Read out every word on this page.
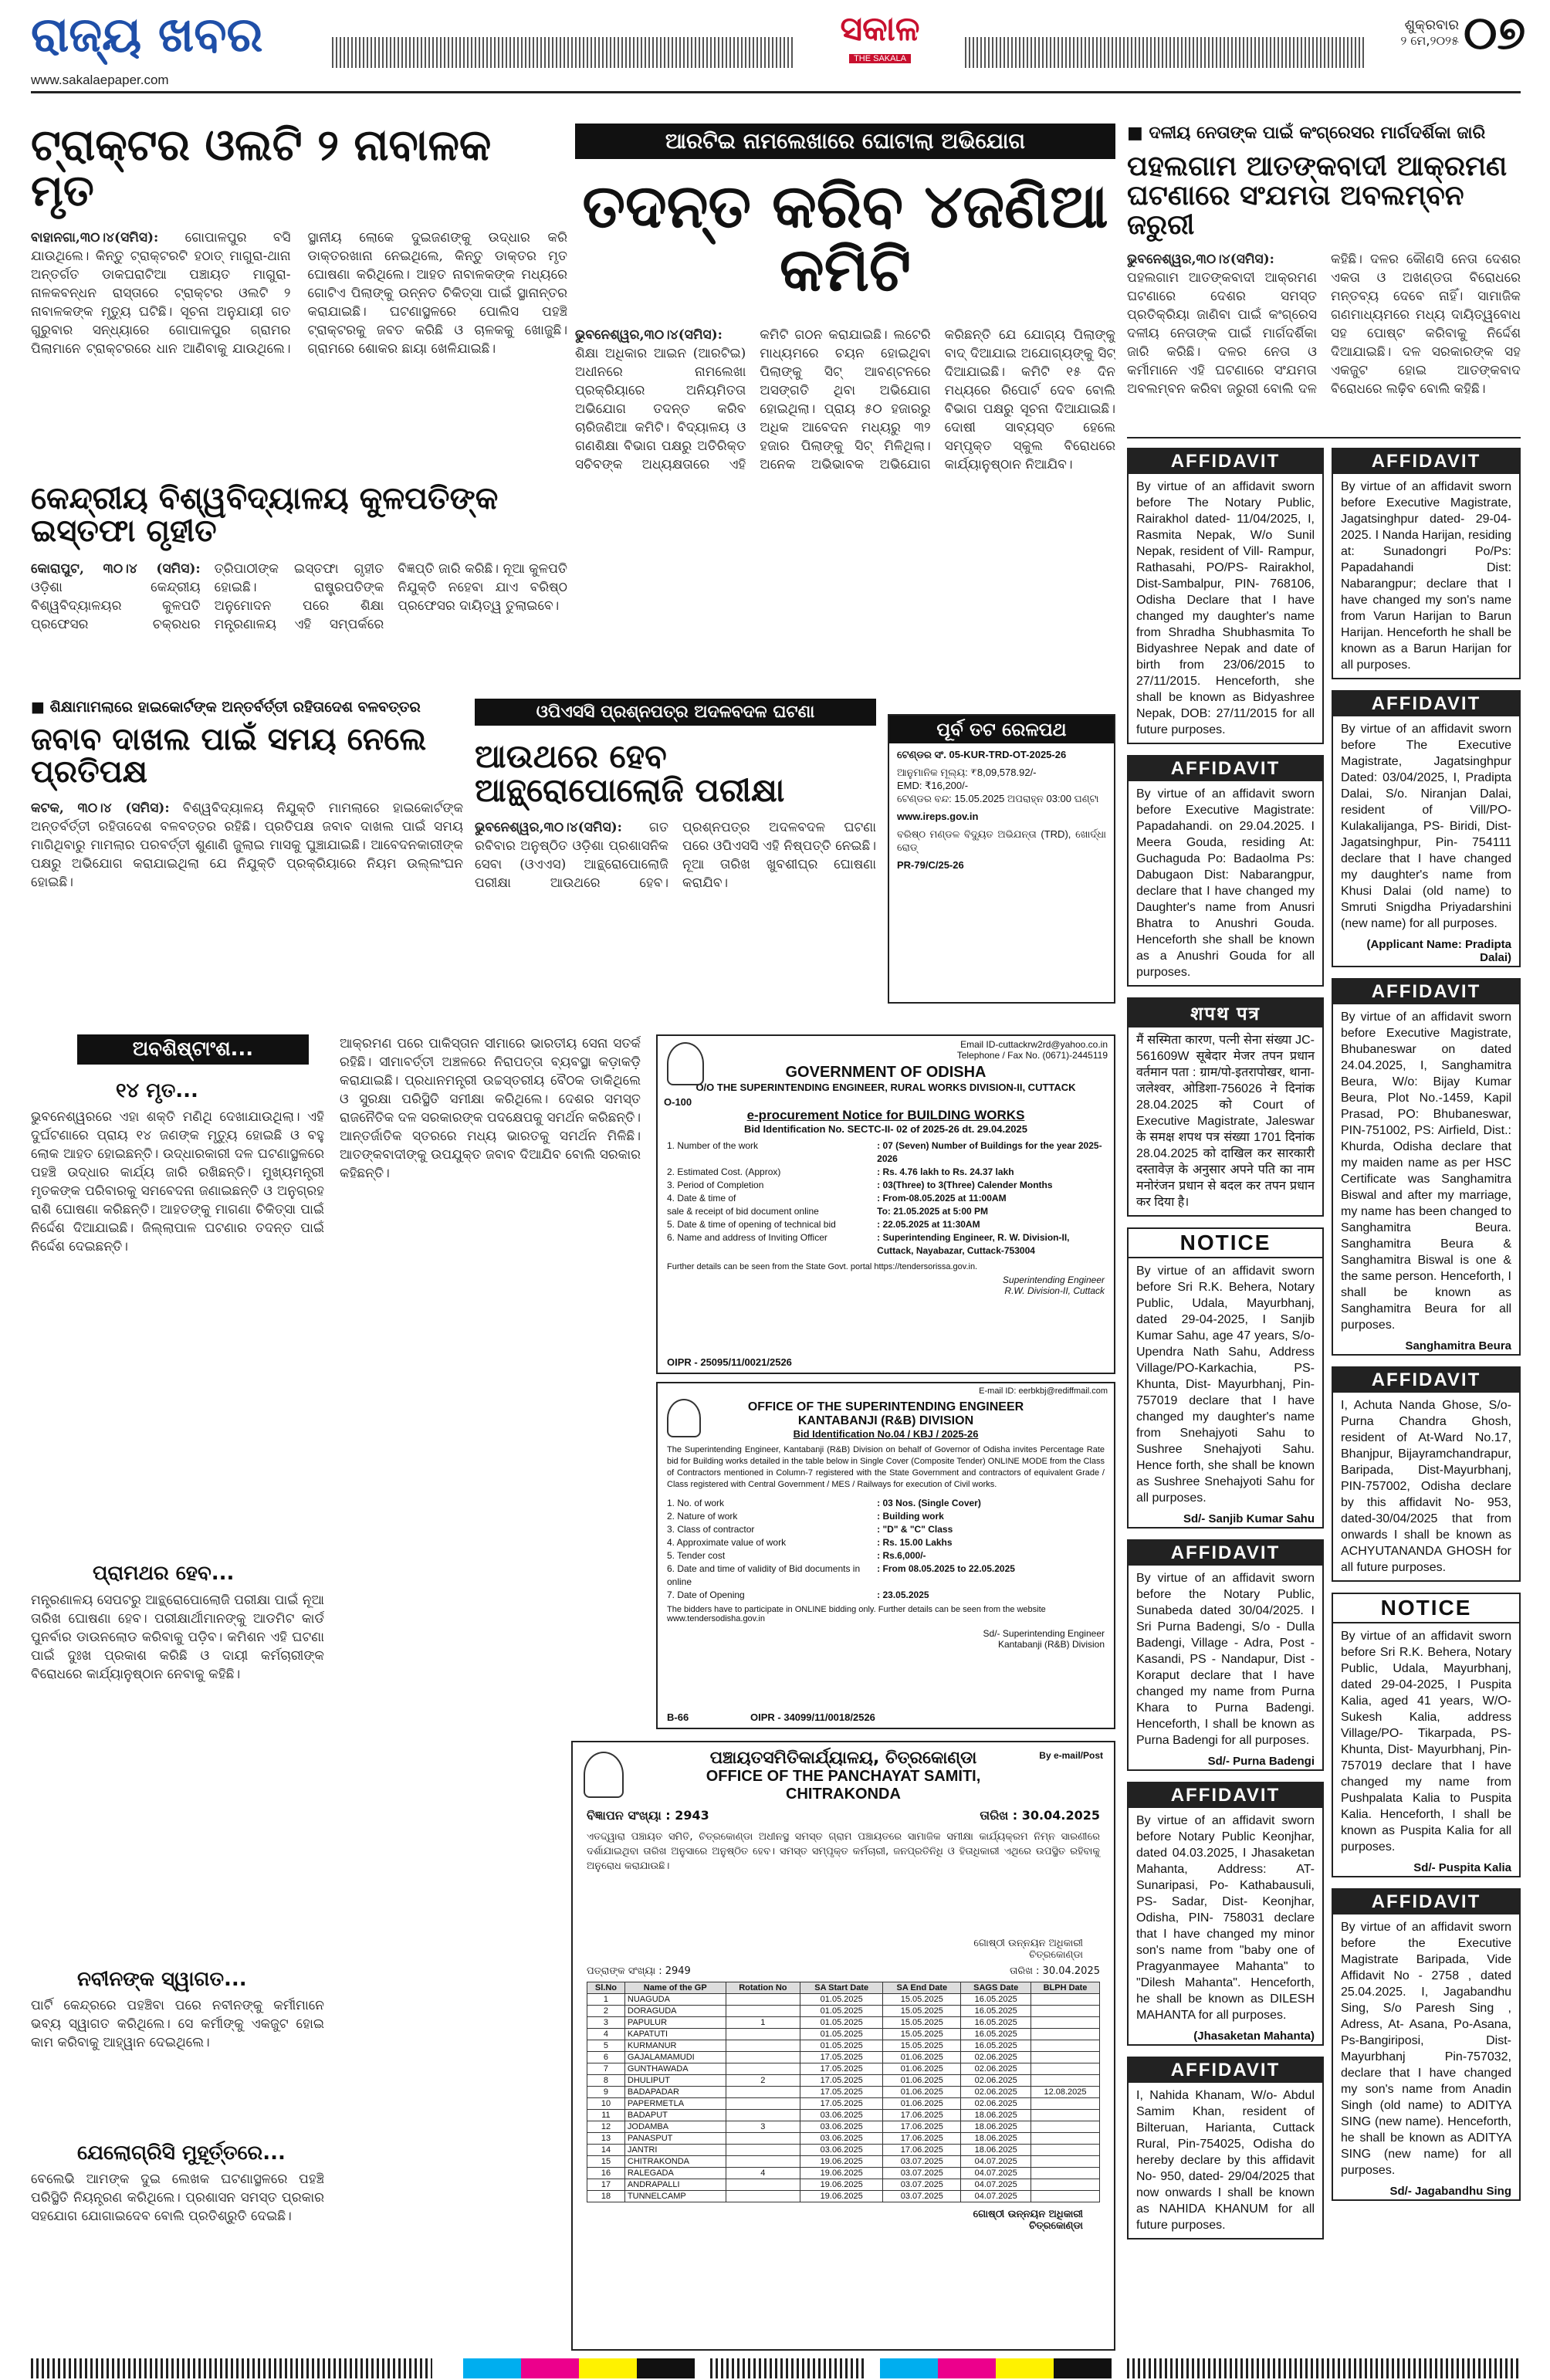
ରାଜ୍ୟ ଖବର
www.sakalaepaper.com
ସକାଳ
THE SAKALA
ଶୁକ୍ରବାର
୨ ମେ,୨୦୨୫ ୦୭
ଟ୍ରାକ୍ଟର ଓଲଟି ୨ ନାବାଳକ ମୃତ
ବାହାନଗା,୩୦।୪(ସମିସ): ଗୋପାଳପୁର ବସି ଯାଉଥିଲେ। କିନ୍ତୁ ଟ୍ରାକ୍ଟରଟି ହଠାତ୍ ମାଗୁରା-ଥାନା ଅନ୍ତର୍ଗତ ଡାକଘରାଟିଆ ପଞ୍ଚାୟତ ମାଗୁରା-ନାଳକବନ୍ଧନ ରାସ୍ତାରେ ଟ୍ରାକ୍ଟର ଓଲଟି ୨ ନାବାଳକଙ୍କ ମୃତ୍ୟୁ ଘଟିଛି। ସୂଚନା ଅନୁଯାୟୀ ଗତ ଗୁରୁବାର ସନ୍ଧ୍ୟାରେ ଗୋପାଳପୁର ଗ୍ରାମର ପିଲାମାନେ ଟ୍ରାକ୍ଟରରେ ଧାନ ଆଣିବାକୁ ଯାଉଥିଲେ। ସ୍ଥାନୀୟ ଲୋକେ ଦୁଇଜଣଙ୍କୁ ଉଦ୍ଧାର କରି ଡାକ୍ତରଖାନା ନେଇଥିଲେ, କିନ୍ତୁ ଡାକ୍ତର ମୃତ ଘୋଷଣା କରିଥିଲେ। ଆହତ ନାବାଳକଙ୍କ ମଧ୍ୟରେ ଗୋଟିଏ ପିଲାଙ୍କୁ ଉନ୍ନତ ଚିକିତ୍ସା ପାଇଁ ସ୍ଥାନାନ୍ତର କରାଯାଇଛି। ଘଟଣାସ୍ଥଳରେ ପୋଲିସ ପହଞ୍ଚି ଟ୍ରାକ୍ଟରକୁ ଜବତ କରିଛି ଓ ଚାଳକକୁ ଖୋଜୁଛି। ଗ୍ରାମରେ ଶୋକର ଛାୟା ଖେଳିଯାଇଛି।
କେନ୍ଦ୍ରୀୟ ବିଶ୍ୱବିଦ୍ୟାଳୟ କୁଳପତିଙ୍କ ଇସ୍ତଫା ଗୃହୀତ
କୋରାପୁଟ, ୩୦।୪ (ସମିସ): ଓଡ଼ିଶା କେନ୍ଦ୍ରୀୟ ବିଶ୍ୱବିଦ୍ୟାଳୟର କୁଳପତି ପ୍ରଫେସର ଚକ୍ରଧର ତ୍ରିପାଠୀଙ୍କ ଇସ୍ତଫା ଗୃହୀତ ହୋଇଛି। ରାଷ୍ଟ୍ରପତିଙ୍କ ଅନୁମୋଦନ ପରେ ଶିକ୍ଷା ମନ୍ତ୍ରଣାଳୟ ଏହି ସମ୍ପର୍କରେ ବିଜ୍ଞପ୍ତି ଜାରି କରିଛି। ନୂଆ କୁଳପତି ନିଯୁକ୍ତି ନହେବା ଯାଏ ବରିଷ୍ଠ ପ୍ରଫେସର ଦାୟିତ୍ୱ ତୁଲାଇବେ।
ଆରଟିଇ ନାମଲେଖାରେ ଘୋଟାଲା ଅଭିଯୋଗ
ତଦନ୍ତ କରିବ ୪ଜଣିଆ କମିଟି
ଭୁବନେଶ୍ୱର,୩୦।୪(ସମିସ): ଶିକ୍ଷା ଅଧିକାର ଆଇନ (ଆରଟିଇ) ଅଧୀନରେ ନାମଲେଖା ପ୍ରକ୍ରିୟାରେ ଅନିୟମିତତା ଅଭିଯୋଗ ତଦନ୍ତ କରିବ ଚାରିଜଣିଆ କମିଟି। ବିଦ୍ୟାଳୟ ଓ ଗଣଶିକ୍ଷା ବିଭାଗ ପକ୍ଷରୁ ଅତିରିକ୍ତ ସଚିବଙ୍କ ଅଧ୍ୟକ୍ଷତାରେ ଏହି କମିଟି ଗଠନ କରାଯାଇଛି। ଲଟେରି ମାଧ୍ୟମରେ ଚୟନ ହୋଇଥିବା ପିଲାଙ୍କୁ ସିଟ୍ ଆବଣ୍ଟନରେ ଅସଙ୍ଗତି ଥିବା ଅଭିଯୋଗ ହୋଇଥିଲା। ପ୍ରାୟ ୫୦ ହଜାରରୁ ଅଧିକ ଆବେଦନ ମଧ୍ୟରୁ ୩୨ ହଜାର ପିଲାଙ୍କୁ ସିଟ୍ ମିଳିଥିଲା। ଅନେକ ଅଭିଭାବକ ଅଭିଯୋଗ କରିଛନ୍ତି ଯେ ଯୋଗ୍ୟ ପିଲାଙ୍କୁ ବାଦ୍ ଦିଆଯାଇ ଅଯୋଗ୍ୟଙ୍କୁ ସିଟ୍ ଦିଆଯାଇଛି। କମିଟି ୧୫ ଦିନ ମଧ୍ୟରେ ରିପୋର୍ଟ ଦେବ ବୋଲି ବିଭାଗ ପକ୍ଷରୁ ସୂଚନା ଦିଆଯାଇଛି। ଦୋଷୀ ସାବ୍ୟସ୍ତ ହେଲେ ସମ୍ପୃକ୍ତ ସ୍କୁଲ ବିରୋଧରେ କାର୍ଯ୍ୟାନୁଷ୍ଠାନ ନିଆଯିବ।
■ ଦଳୀୟ ନେତାଙ୍କ ପାଇଁ କଂଗ୍ରେସର ମାର୍ଗଦର୍ଶିକା ଜାରି
ପହଲଗାମ ଆତଙ୍କବାଦୀ ଆକ୍ରମଣ ଘଟଣାରେ ସଂଯମତା ଅବଲମ୍ବନ ଜରୁରୀ
ଭୁବନେଶ୍ୱର,୩୦।୪(ସମିସ): ପହଲଗାମ ଆତଙ୍କବାଦୀ ଆକ୍ରମଣ ଘଟଣାରେ ଦେଶର ସମସ୍ତ ପ୍ରତିକ୍ରିୟା ଜାଣିବା ପାଇଁ କଂଗ୍ରେସ ଦଳୀୟ ନେତାଙ୍କ ପାଇଁ ମାର୍ଗଦର୍ଶିକା ଜାରି କରିଛି। ଦଳର ନେତା ଓ କର୍ମୀମାନେ ଏହି ଘଟଣାରେ ସଂଯମତା ଅବଲମ୍ବନ କରିବା ଜରୁରୀ ବୋଲି ଦଳ କହିଛି। ଦଳର କୌଣସି ନେତା ଦେଶର ଏକତା ଓ ଅଖଣ୍ଡତା ବିରୋଧରେ ମନ୍ତବ୍ୟ ଦେବେ ନାହିଁ। ସାମାଜିକ ଗଣମାଧ୍ୟମରେ ମଧ୍ୟ ଦାୟିତ୍ୱବୋଧ ସହ ପୋଷ୍ଟ କରିବାକୁ ନିର୍ଦ୍ଦେଶ ଦିଆଯାଇଛି। ଦଳ ସରକାରଙ୍କ ସହ ଏକଜୁଟ ହୋଇ ଆତଙ୍କବାଦ ବିରୋଧରେ ଲଢ଼ିବ ବୋଲି କହିଛି।
■ ଶିକ୍ଷାମାମଲାରେ ହାଇକୋର୍ଟଙ୍କ ଅନ୍ତର୍ବର୍ତ୍ତୀ ରହିତାଦେଶ ବଳବତ୍ତର
ଜବାବ ଦାଖଲ ପାଇଁ ସମୟ ନେଲେ ପ୍ରତିପକ୍ଷ
କଟକ, ୩୦।୪ (ସମିସ): ବିଶ୍ୱବିଦ୍ୟାଳୟ ନିଯୁକ୍ତି ମାମଲାରେ ହାଇକୋର୍ଟଙ୍କ ଅନ୍ତର୍ବର୍ତ୍ତୀ ରହିତାଦେଶ ବଳବତ୍ତର ରହିଛି। ପ୍ରତିପକ୍ଷ ଜବାବ ଦାଖଲ ପାଇଁ ସମୟ ମାଗିଥିବାରୁ ମାମଲାର ପରବର୍ତ୍ତୀ ଶୁଣାଣି ଜୁଲାଇ ମାସକୁ ଘୁଞ୍ଚାଯାଇଛି। ଆବେଦନକାରୀଙ୍କ ପକ୍ଷରୁ ଅଭିଯୋଗ କରାଯାଇଥିଲା ଯେ ନିଯୁକ୍ତି ପ୍ରକ୍ରିୟାରେ ନିୟମ ଉଲ୍ଲଂଘନ ହୋଇଛି।
ଓପିଏସସି ପ୍ରଶ୍ନପତ୍ର ଅଦଳବଦଳ ଘଟଣା
ଆଉଥରେ ହେବ ଆନ୍ଥ୍ରୋପୋଲୋଜି ପରୀକ୍ଷା
ଭୁବନେଶ୍ୱର,୩୦।୪(ସମିସ): ଗତ ରବିବାର ଅନୁଷ୍ଠିତ ଓଡ଼ିଶା ପ୍ରଶାସନିକ ସେବା (ଓଏଏସ) ଆନ୍ଥ୍ରୋପୋଲୋଜି ପରୀକ୍ଷା ଆଉଥରେ ହେବ। ପ୍ରଶ୍ନପତ୍ର ଅଦଳବଦଳ ଘଟଣା ପରେ ଓପିଏସସି ଏହି ନିଷ୍ପତ୍ତି ନେଇଛି। ନୂଆ ତାରିଖ ଖୁବଶୀଘ୍ର ଘୋଷଣା କରାଯିବ।
ପୂର୍ବ ତଟ ରେଳପଥ
ଟେଣ୍ଡର ସଂ. 05-KUR-TRD-OT-2025-26
ଆନୁମାନିକ ମୂଲ୍ୟ: ₹8,09,578.92/-
EMD: ₹16,200/-
ଟେଣ୍ଡର ବନ୍ଦ: 15.05.2025 ଅପରାହ୍ନ 03:00 ଘଣ୍ଟା
www.ireps.gov.in
ବରିଷ୍ଠ ମଣ୍ଡଳ ବିଦ୍ୟୁତ ଅଭିଯନ୍ତା (TRD), ଖୋର୍ଦ୍ଧା ରୋଡ୍
PR-79/C/25-26
ଅବଶିଷ୍ଟାଂଶ...
୧୪ ମୃତ...
ଭୁବନେଶ୍ୱରରେ ଏହା ଶକ୍ତି ମଣିଥି ଦେଖାଯାଉଥିଲା। ଏହି ଦୁର୍ଘଟଣାରେ ପ୍ରାୟ ୧୪ ଜଣଙ୍କ ମୃତ୍ୟୁ ହୋଇଛି ଓ ବହୁ ଲୋକ ଆହତ ହୋଇଛନ୍ତି। ଉଦ୍ଧାରକାରୀ ଦଳ ଘଟଣାସ୍ଥଳରେ ପହଞ୍ଚି ଉଦ୍ଧାର କାର୍ଯ୍ୟ ଜାରି ରଖିଛନ୍ତି। ମୁଖ୍ୟମନ୍ତ୍ରୀ ମୃତକଙ୍କ ପରିବାରକୁ ସମବେଦନା ଜଣାଇଛନ୍ତି ଓ ଅନୁଗ୍ରହ ରାଶି ଘୋଷଣା କରିଛନ୍ତି। ଆହତଙ୍କୁ ମାଗଣା ଚିକିତ୍ସା ପାଇଁ ନିର୍ଦ୍ଦେଶ ଦିଆଯାଇଛି। ଜିଲ୍ଲାପାଳ ଘଟଣାର ତଦନ୍ତ ପାଇଁ ନିର୍ଦ୍ଦେଶ ଦେଇଛନ୍ତି।
ପ୍ରାମଥର ହେବ...
ମନ୍ତ୍ରଣାଳୟ ସେପଟରୁ ଆନ୍ଥ୍ରୋପୋଲୋଜି ପରୀକ୍ଷା ପାଇଁ ନୂଆ ତାରିଖ ଘୋଷଣା ହେବ। ପରୀକ୍ଷାର୍ଥୀମାନଙ୍କୁ ଆଡମିଟ କାର୍ଡ ପୁନର୍ବାର ଡାଉନଲୋଡ କରିବାକୁ ପଡ଼ିବ। କମିଶନ ଏହି ଘଟଣା ପାଇଁ ଦୁଃଖ ପ୍ରକାଶ କରିଛି ଓ ଦାୟୀ କର୍ମଚାରୀଙ୍କ ବିରୋଧରେ କାର୍ଯ୍ୟାନୁଷ୍ଠାନ ନେବାକୁ କହିଛି।
ନବୀନଙ୍କ ସ୍ୱାଗତ...
ପାର୍ଟି କେନ୍ଦ୍ରରେ ପହଞ୍ଚିବା ପରେ ନବୀନଙ୍କୁ କର୍ମୀମାନେ ଭବ୍ୟ ସ୍ୱାଗତ କରିଥିଲେ। ସେ କର୍ମୀଙ୍କୁ ଏକଜୁଟ ହୋଇ କାମ କରିବାକୁ ଆହ୍ୱାନ ଦେଇଥିଲେ।
ଯେଲୋଗ୍ରିସି ମୁହୂର୍ତ୍ତରେ...
ବେଲେଭି ଆମଙ୍କ ଦୁଇ ଲେଖକ ଘଟଣାସ୍ଥଳରେ ପହଞ୍ଚି ପରିସ୍ଥିତି ନିୟନ୍ତ୍ରଣ କରିଥିଲେ। ପ୍ରଶାସନ ସମସ୍ତ ପ୍ରକାର ସହଯୋଗ ଯୋଗାଇଦେବ ବୋଲି ପ୍ରତିଶ୍ରୁତି ଦେଇଛି।
ଆକ୍ରମଣ ପରେ ପାକିସ୍ତାନ ସୀମାରେ ଭାରତୀୟ ସେନା ସତର୍କ ରହିଛି। ସୀମାବର୍ତ୍ତୀ ଅଞ୍ଚଳରେ ନିରାପତ୍ତା ବ୍ୟବସ୍ଥା କଡ଼ାକଡ଼ି କରାଯାଇଛି। ପ୍ରଧାନମନ୍ତ୍ରୀ ଉଚ୍ଚସ୍ତରୀୟ ବୈଠକ ଡାକିଥିଲେ ଓ ସୁରକ୍ଷା ପରିସ୍ଥିତି ସମୀକ୍ଷା କରିଥିଲେ। ଦେଶର ସମସ୍ତ ରାଜନୈତିକ ଦଳ ସରକାରଙ୍କ ପଦକ୍ଷେପକୁ ସମର୍ଥନ କରିଛନ୍ତି। ଆନ୍ତର୍ଜାତିକ ସ୍ତରରେ ମଧ୍ୟ ଭାରତକୁ ସମର୍ଥନ ମିଳିଛି। ଆତଙ୍କବାଦୀଙ୍କୁ ଉପଯୁକ୍ତ ଜବାବ ଦିଆଯିବ ବୋଲି ସରକାର କହିଛନ୍ତି।
Email ID-cuttackrw2rd@yahoo.co.in
Telephone / Fax No. (0671)-2445119
GOVERNMENT OF ODISHA
O/O THE SUPERINTENDING ENGINEER, RURAL WORKS DIVISION-II, CUTTACK
O-100
e-procurement Notice for BUILDING WORKS
Bid Identification No. SECTC-II- 02 of 2025-26 dt. 29.04.2025
1. Number of the work	: 07 (Seven) Number of Buildings for the year 2025-2026
2. Estimated Cost. (Approx)	: Rs. 4.76 lakh to Rs. 24.37 lakh
3. Period of Completion	: 03(Three) to 3(Three) Calender Months
4. Date & time of	: From-08.05.2025 at 11:00AM
sale & receipt of bid document online	To: 21.05.2025 at 5:00 PM
5. Date & time of opening of technical bid	: 22.05.2025 at 11:30AM
6. Name and address of Inviting Officer	: Superintending Engineer, R. W. Division-II, Cuttack, Nayabazar, Cuttack-753004
Further details can be seen from the State Govt. portal https://tendersorissa.gov.in.
Superintending Engineer
R.W. Division-II, Cuttack
OIPR - 25095/11/0021/2526
E-mail ID: eerbkbj@rediffmail.com
OFFICE OF THE SUPERINTENDING ENGINEER
KANTABANJI (R&B) DIVISION
Bid Identification No.04 / KBJ / 2025-26
The Superintending Engineer, Kantabanji (R&B) Division on behalf of Governor of Odisha invites Percentage Rate bid for Building works detailed in the table below in Single Cover (Composite Tender) ONLINE MODE from the Class of Contractors mentioned in Column-7 registered with the State Government and contractors of equivalent Grade / Class registered with Central Government / MES / Railways for execution of Civil works.
1. No. of work	: 03 Nos. (Single Cover)
2. Nature of work	: Building work
3. Class of contractor	: "D" & "C" Class
4. Approximate value of work	: Rs. 15.00 Lakhs
5. Tender cost	: Rs.6,000/-
6. Date and time of validity of Bid documents in online
: From 08.05.2025 to 22.05.2025
7. Date of Opening	: 23.05.2025
The bidders have to participate in ONLINE bidding only. Further details can be seen from the website www.tendersodisha.gov.in
Sd/- Superintending Engineer
Kantabanji (R&B) Division
B-66	OIPR - 34099/11/0018/2526
By e-mail/Post
ପଞ୍ଚାୟତସମିତିକାର୍ଯ୍ୟାଳୟ, ଚିତ୍ରକୋଣ୍ଡା
OFFICE OF THE PANCHAYAT SAMITI,
CHITRAKONDA
ବିଜ୍ଞାପନ ସଂଖ୍ୟା : 2943	ତାରିଖ : 30.04.2025
ଏତଦ୍ଦ୍ୱାରା ପଞ୍ଚାୟତ ସମିତି, ଚିତ୍ରକୋଣ୍ଡା ଅଧୀନସ୍ଥ ସମସ୍ତ ଗ୍ରାମ ପଞ୍ଚାୟତରେ ସାମାଜିକ ସମୀକ୍ଷା କାର୍ଯ୍ୟକ୍ରମ ନିମ୍ନ ସାରଣୀରେ ଦର୍ଶାଯାଇଥିବା ତାରିଖ ଅନୁସାରେ ଅନୁଷ୍ଠିତ ହେବ। ସମସ୍ତ ସମ୍ପୃକ୍ତ କର୍ମଚାରୀ, ଜନପ୍ରତିନିଧି ଓ ହିତାଧିକାରୀ ଏଥିରେ ଉପସ୍ଥିତ ରହିବାକୁ ଅନୁରୋଧ କରାଯାଉଛି।
ଗୋଷ୍ଠୀ ଉନ୍ନୟନ ଅଧିକାରୀ
ଚିତ୍ରକୋଣ୍ଡା
ପତ୍ରାଙ୍କ ସଂଖ୍ୟା : 2949	ତାରିଖ : 30.04.2025
Sl.No	Name of the GP	Rotation No	SA Start Date	SA End Date	SAGS Date	BLPH Date
1	NUAGUDA		01.05.2025	15.05.2025	16.05.2025	
2	DORAGUDA		01.05.2025	15.05.2025	16.05.2025	
3	PAPULUR	1	01.05.2025	15.05.2025	16.05.2025	
4	KAPATUTI		01.05.2025	15.05.2025	16.05.2025	
5	KURMANUR		01.05.2025	15.05.2025	16.05.2025	
6	GAJALAMAMUDI		17.05.2025	01.06.2025	02.06.2025	
7	GUNTHAWADA		17.05.2025	01.06.2025	02.06.2025	
8	DHULIPUT	2	17.05.2025	01.06.2025	02.06.2025	
9	BADAPADAR		17.05.2025	01.06.2025	02.06.2025	12.08.2025
10	PAPERMETLA		17.05.2025	01.06.2025	02.06.2025	
11	BADAPUT		03.06.2025	17.06.2025	18.06.2025	
12	JODAMBA	3	03.06.2025	17.06.2025	18.06.2025	
13	PANASPUT		03.06.2025	17.06.2025	18.06.2025	
14	JANTRI		03.06.2025	17.06.2025	18.06.2025	
15	CHITRAKONDA		19.06.2025	03.07.2025	04.07.2025	
16	RALEGADA	4	19.06.2025	03.07.2025	04.07.2025	
17	ANDRAPALLI		19.06.2025	03.07.2025	04.07.2025	
18	TUNNELCAMP		19.06.2025	03.07.2025	04.07.2025	
ଗୋଷ୍ଠୀ ଉନ୍ନୟନ ଅଧିକାରୀ
ଚିତ୍ରକୋଣ୍ଡା
AFFIDAVIT
By virtue of an affidavit sworn before The Notary Public, Rairakhol dated- 11/04/2025, I, Rasmita Nepak, W/o Sunil Nepak, resident of Vill- Rampur, Rathasahi, PO/PS- Rairakhol, Dist-Sambalpur, PIN- 768106, Odisha Declare that I have changed my daughter's name from Shradha Shubhasmita To Bidyashree Nepak and date of birth from 23/06/2015 to 27/11/2015. Henceforth, she shall be known as Bidyashree Nepak, DOB: 27/11/2015 for all future purposes.
AFFIDAVIT
By virtue of an affidavit sworn before Executive Magistrate: Papadahandi. on 29.04.2025. I Meera Gouda, residing At: Guchaguda Po: Badaolma Ps: Dabugaon Dist: Nabarangpur, declare that I have changed my Daughter's name from Anusri Bhatra to Anushri Gouda. Henceforth she shall be known as a Anushri Gouda for all purposes.
शपथ पत्र
मैं सस्मिता कारण, पत्नी सेना संख्या JC-561609W सूबेदार मेजर तपन प्रधान वर्तमान पता : ग्राम/पो-इतरापोखर, थाना-जलेश्वर, ओडिशा-756026 ने दिनांक 28.04.2025 को Court of Executive Magistrate, Jaleswar के समक्ष शपथ पत्र संख्या 1701 दिनांक 28.04.2025 को दाखिल कर सारकारी दस्तावेज़ के अनुसार अपने पति का नाम मनोरंजन प्रधान से बदल कर तपन प्रधान कर दिया है।
NOTICE
By virtue of an affidavit sworn before Sri R.K. Behera, Notary Public, Udala, Mayurbhanj, dated 29-04-2025, I Sanjib Kumar Sahu, age 47 years, S/o-Upendra Nath Sahu, Address Village/PO-Karkachia, PS-Khunta, Dist- Mayurbhanj, Pin-757019 declare that I have changed my daughter's name from Snehajyoti Sahu to Sushree Snehajyoti Sahu. Hence forth, she shall be known as Sushree Snehajyoti Sahu for all purposes.
Sd/- Sanjib Kumar Sahu
AFFIDAVIT
By virtue of an affidavit sworn before the Notary Public, Sunabeda dated 30/04/2025. I Sri Purna Badengi, S/o - Dulla Badengi, Village - Adra, Post - Kasandi, PS - Nandapur, Dist - Koraput declare that I have changed my name from Purna Khara to Purna Badengi. Henceforth, I shall be known as Purna Badengi for all purposes.
Sd/- Purna Badengi
AFFIDAVIT
By virtue of an affidavit sworn before Notary Public Keonjhar, dated 04.03.2025, I Jhasaketan Mahanta, Address: AT-Sunaripasi, Po- Kathabausuli, PS- Sadar, Dist- Keonjhar, Odisha, PIN- 758031 declare that I have changed my minor son's name from "baby one of Pragyanmayee Mahanta" to "Dilesh Mahanta". Henceforth, he shall be known as DILESH MAHANTA for all purposes.
(Jhasaketan Mahanta)
AFFIDAVIT
I, Nahida Khanam, W/o- Abdul Samim Khan, resident of Bilteruan, Harianta, Cuttack Rural, Pin-754025, Odisha do hereby declare by this affidavit No- 950, dated- 29/04/2025 that now onwards I shall be known as NAHIDA KHANUM for all future purposes.
AFFIDAVIT
By virtue of an affidavit sworn before Executive Magistrate, Jagatsinghpur dated- 29-04-2025. I Nanda Harijan, residing at: Sunadongri Po/Ps: Papadahandi Dist: Nabarangpur; declare that I have changed my son's name from Varun Harijan to Barun Harijan. Henceforth he shall be known as a Barun Harijan for all purposes.
AFFIDAVIT
By virtue of an affidavit sworn before The Executive Magistrate, Jagatsinghpur Dated: 03/04/2025, I, Pradipta Dalai, S/o. Niranjan Dalai, resident of Vill/PO-Kulakalijanga, PS- Biridi, Dist-Jagatsinghpur, Pin- 754111 declare that I have changed my daughter's name from Khusi Dalai (old name) to Smruti Snigdha Priyadarshini (new name) for all purposes.
(Applicant Name: Pradipta Dalai)
AFFIDAVIT
By virtue of an affidavit sworn before Executive Magistrate, Bhubaneswar on dated 24.04.2025, I, Sanghamitra Beura, W/o: Bijay Kumar Beura, Plot No.-1459, Kapil Prasad, PO: Bhubaneswar, PIN-751002, PS: Airfield, Dist.: Khurda, Odisha declare that my maiden name as per HSC Certificate was Sanghamitra Biswal and after my marriage, my name has been changed to Sanghamitra Beura. Sanghamitra Beura & Sanghamitra Biswal is one & the same person. Henceforth, I shall be known as Sanghamitra Beura for all purposes.
Sanghamitra Beura
AFFIDAVIT
I, Achuta Nanda Ghose, S/o- Purna Chandra Ghosh, resident of At-Ward No.17, Bhanjpur, Bijayramchandrapur, Baripada, Dist-Mayurbhanj, PIN-757002, Odisha declare by this affidavit No- 953, dated-30/04/2025 that from onwards I shall be known as ACHYUTANANDA GHOSH for all future purposes.
NOTICE
By virtue of an affidavit sworn before Sri R.K. Behera, Notary Public, Udala, Mayurbhanj, dated 29-04-2025, I Puspita Kalia, aged 41 years, W/O-Sukesh Kalia, address Village/PO- Tikarpada, PS-Khunta, Dist- Mayurbhanj, Pin-757019 declare that I have changed my name from Pushpalata Kalia to Puspita Kalia. Henceforth, I shall be known as Puspita Kalia for all purposes.
Sd/- Puspita Kalia
AFFIDAVIT
By virtue of an affidavit sworn before the Executive Magistrate Baripada, Vide Affidavit No - 2758 , dated 25.04.2025. I, Jagabandhu Sing, S/o Paresh Sing , Adress, At- Asana, Po-Asana, Ps-Bangiriposi, Dist-Mayurbhanj Pin-757032, declare that I have changed my son's name from Anadin Singh (old name) to ADITYA SING (new name). Henceforth, he shall be known as ADITYA SING (new name) for all purposes.
Sd/- Jagabandhu Sing
